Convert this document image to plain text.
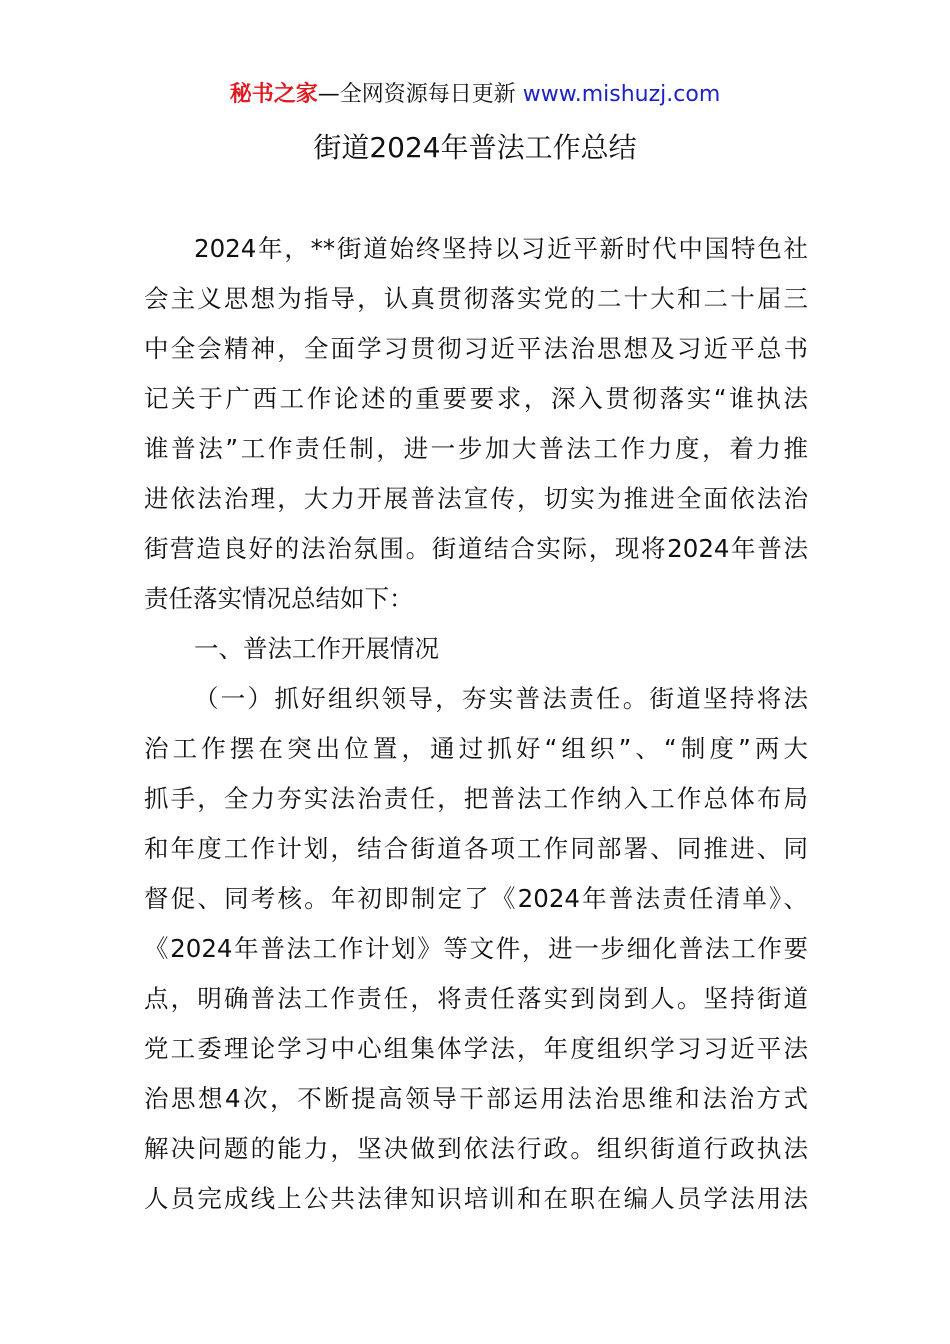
秘书之家—全网资源每日更新 www.mishuzj.com
街道2024年普法工作总结
2024年，**街道始终坚持以习近平新时代中国特色社
会主义思想为指导，认真贯彻落实党的二十大和二十届三
中全会精神，全面学习贯彻习近平法治思想及习近平总书
记关于广西工作论述的重要要求，深入贯彻落实“谁执法
谁普法”工作责任制，进一步加大普法工作力度，着力推
进依法治理，大力开展普法宣传，切实为推进全面依法治
街营造良好的法治氛围。街道结合实际，现将2024年普法
责任落实情况总结如下：
一、普法工作开展情况
（一）抓好组织领导，夯实普法责任。街道坚持将法
治工作摆在突出位置，通过抓好“组织”、“制度”两大
抓手，全力夯实法治责任，把普法工作纳入工作总体布局
和年度工作计划，结合街道各项工作同部署、同推进、同
督促、同考核。年初即制定了《2024年普法责任清单》、
《2024年普法工作计划》等文件，进一步细化普法工作要
点，明确普法工作责任，将责任落实到岗到人。坚持街道
党工委理论学习中心组集体学法，年度组织学习习近平法
治思想4次，不断提高领导干部运用法治思维和法治方式
解决问题的能力，坚决做到依法行政。组织街道行政执法
人员完成线上公共法律知识培训和在职在编人员学法用法
